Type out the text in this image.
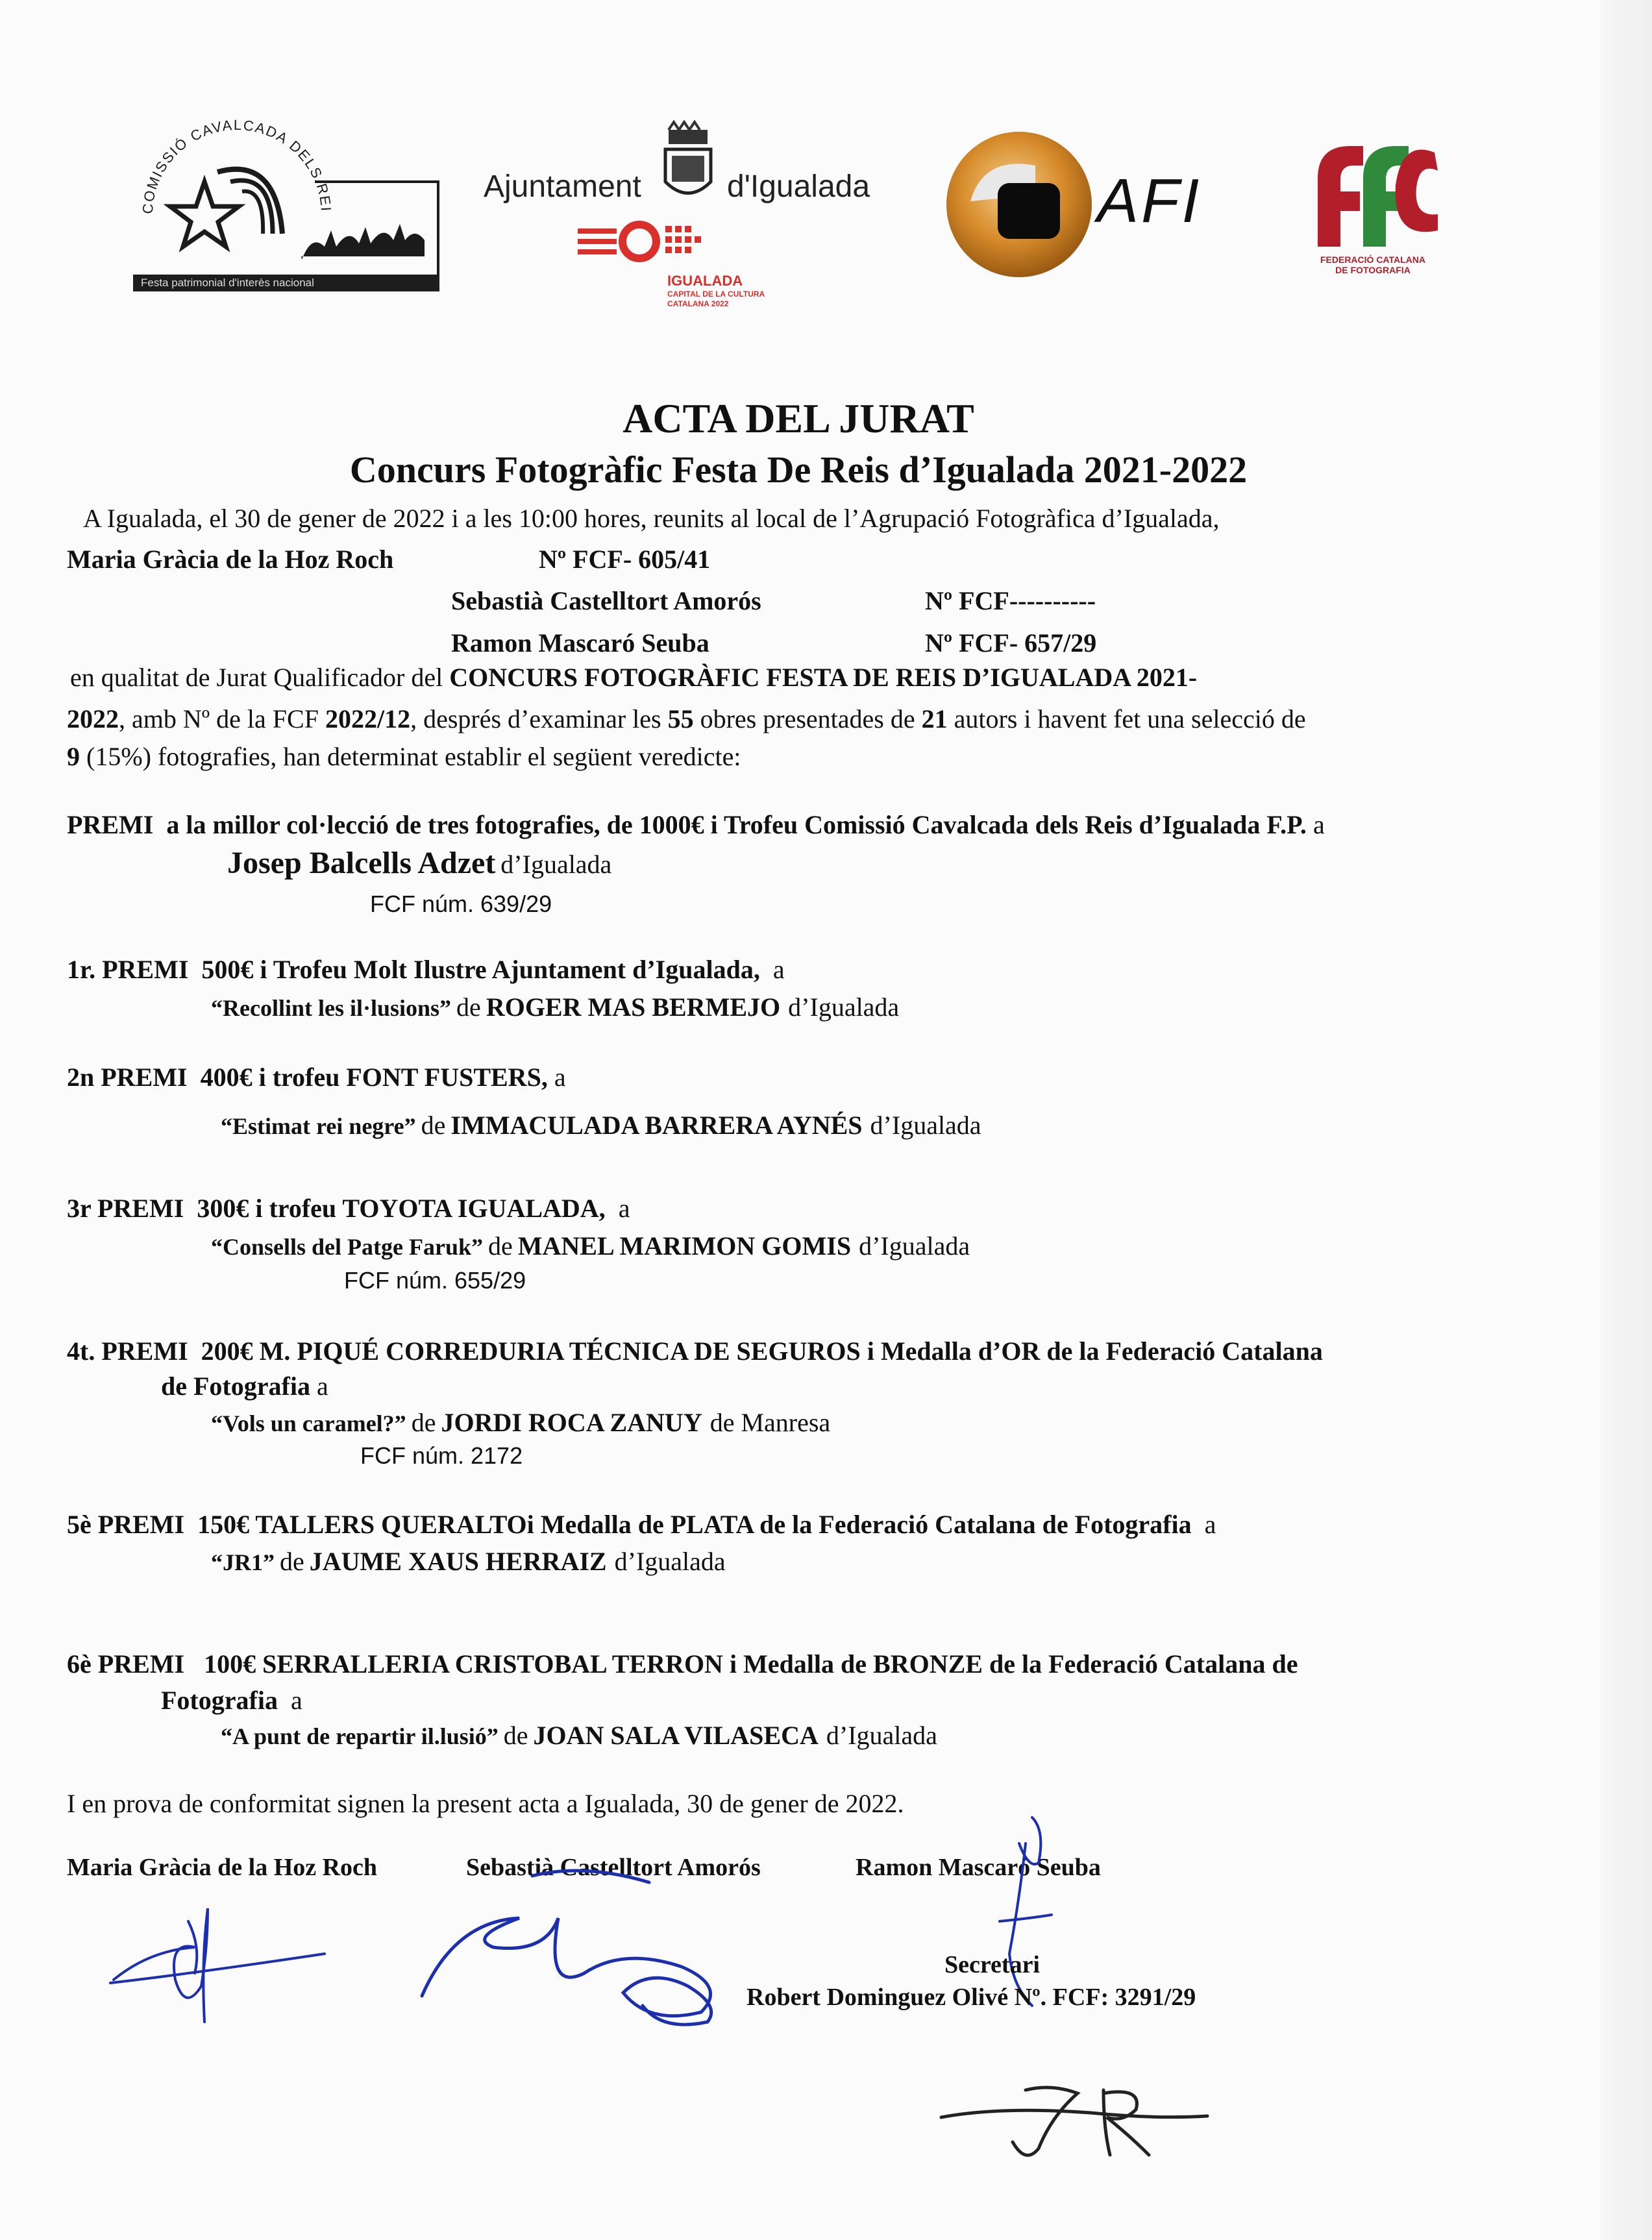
COMISSIÓ CAVALCADA DELS REI
Festa patrimonial d'interès nacional
Ajuntament	d'Igualada
IGUALADA
CAPITAL DE LA CULTURA
CATALANA 2022
AFI
FEDERACIÓ CATALANA
DE FOTOGRAFIA
ACTA DEL JURAT
Concurs Fotogràfic Festa De Reis d’Igualada 2021-2022
A Igualada, el 30 de gener de 2022 i a les 10:00 hores, reunits al local de l’Agrupació Fotogràfica d’Igualada,
Maria Gràcia de la Hoz Roch	Nº FCF- 605/41
Sebastià Castelltort Amorós	Nº FCF----------
Ramon Mascaró Seuba	Nº FCF- 657/29
en qualitat de Jurat Qualificador del CONCURS FOTOGRÀFIC FESTA DE REIS D’IGUALADA 2021-
2022, amb Nº de la FCF 2022/12, després d’examinar les 55 obres presentades de 21 autors i havent fet una selecció de
9 (15%) fotografies, han determinat establir el següent veredicte:
PREMI a la millor col·lecció de tres fotografies, de 1000€ i Trofeu Comissió Cavalcada dels Reis d’Igualada F.P. a
Josep Balcells Adzet d’Igualada
FCF núm. 639/29
1r. PREMI 500€ i Trofeu Molt Ilustre Ajuntament d’Igualada, a
“Recollint les il·lusions” de ROGER MAS BERMEJO d’Igualada
2n PREMI 400€ i trofeu FONT FUSTERS, a
“Estimat rei negre” de IMMACULADA BARRERA AYNÉS d’Igualada
3r PREMI 300€ i trofeu TOYOTA IGUALADA, a
“Consells del Patge Faruk” de MANEL MARIMON GOMIS d’Igualada
FCF núm. 655/29
4t. PREMI 200€ M. PIQUÉ CORREDURIA TÉCNICA DE SEGUROS i Medalla d’OR de la Federació Catalana
de Fotografia a
“Vols un caramel?” de JORDI ROCA ZANUY de Manresa
FCF núm. 2172
5è PREMI 150€ TALLERS QUERALTOi Medalla de PLATA de la Federació Catalana de Fotografia a
“JR1” de JAUME XAUS HERRAIZ d’Igualada
6è PREMI 100€ SERRALLERIA CRISTOBAL TERRON i Medalla de BRONZE de la Federació Catalana de
Fotografia a
“A punt de repartir il.lusió” de JOAN SALA VILASECA d’Igualada
I en prova de conformitat signen la present acta a Igualada, 30 de gener de 2022.
Maria Gràcia de la Hoz Roch	Sebastià Castelltort Amorós	Ramon Mascaró Seuba
Secretari
Robert Dominguez Olivé Nº. FCF: 3291/29
